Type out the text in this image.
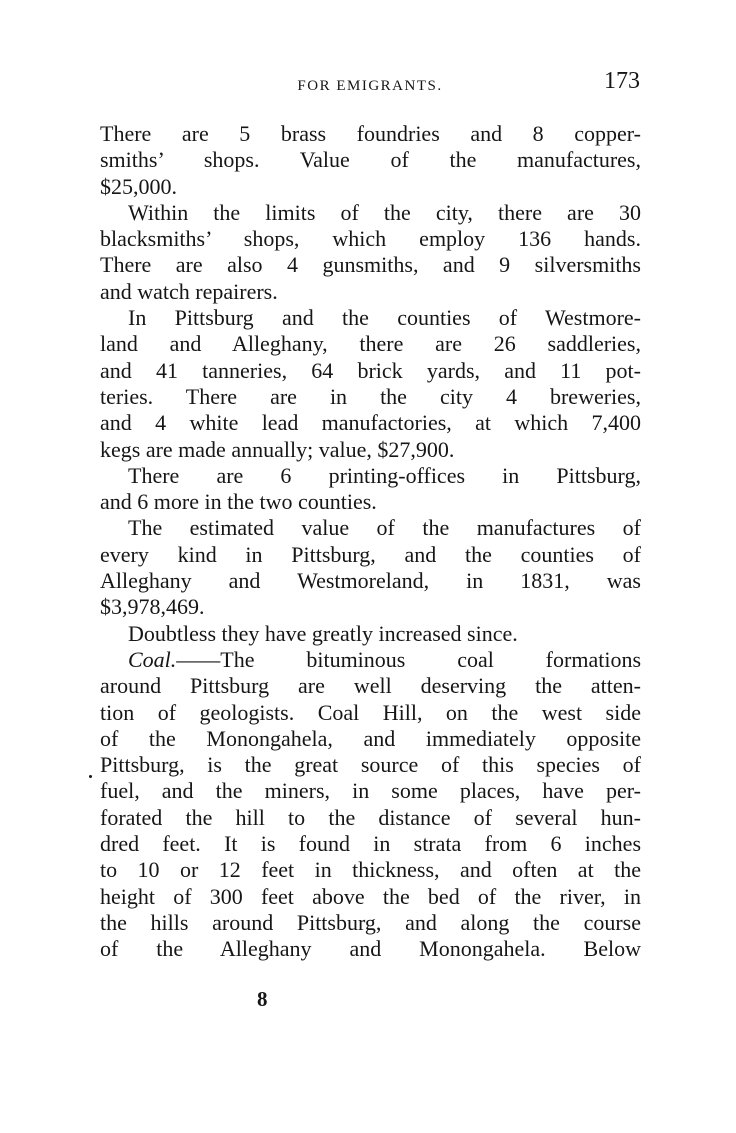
FOR EMIGRANTS.	173
There are 5 brass foundries and 8 copper-
smiths’ shops. Value of the manufactures,
$25,000.
Within the limits of the city, there are 30
blacksmiths’ shops, which employ 136 hands.
There are also 4 gunsmiths, and 9 silversmiths
and watch repairers.
In Pittsburg and the counties of Westmore-
land and Alleghany, there are 26 saddleries,
and 41 tanneries, 64 brick yards, and 11 pot-
teries. There are in the city 4 breweries,
and 4 white lead manufactories, at which 7,400
kegs are made annually; value, $27,900.
There are 6 printing-offices in Pittsburg,
and 6 more in the two counties.
The estimated value of the manufactures of
every kind in Pittsburg, and the counties of
Alleghany and Westmoreland, in 1831, was
$3,978,469.
Doubtless they have greatly increased since.
Coal.——The bituminous coal formations
around Pittsburg are well deserving the atten-
tion of geologists. Coal Hill, on the west side
of the Monongahela, and immediately opposite
Pittsburg, is the great source of this species of
fuel, and the miners, in some places, have per-
forated the hill to the distance of several hun-
dred feet. It is found in strata from 6 inches
to 10 or 12 feet in thickness, and often at the
height of 300 feet above the bed of the river, in
the hills around Pittsburg, and along the course
of the Alleghany and Monongahela. Below
8
